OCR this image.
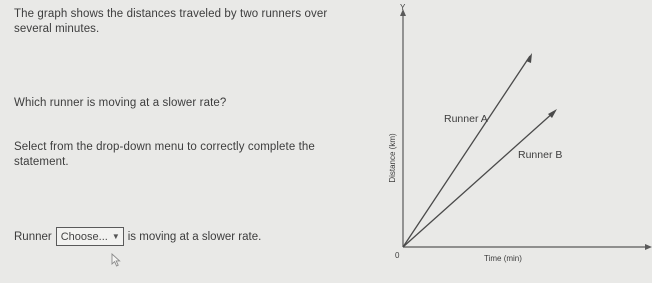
The graph shows the distances traveled by two runners over several minutes.
Which runner is moving at a slower rate?
Select from the drop-down menu to correctly complete the statement.
Runner Choose... ▼ is moving at a slower rate.
Y
Runner A
Runner B
Distance (km)
Time (min)
0
